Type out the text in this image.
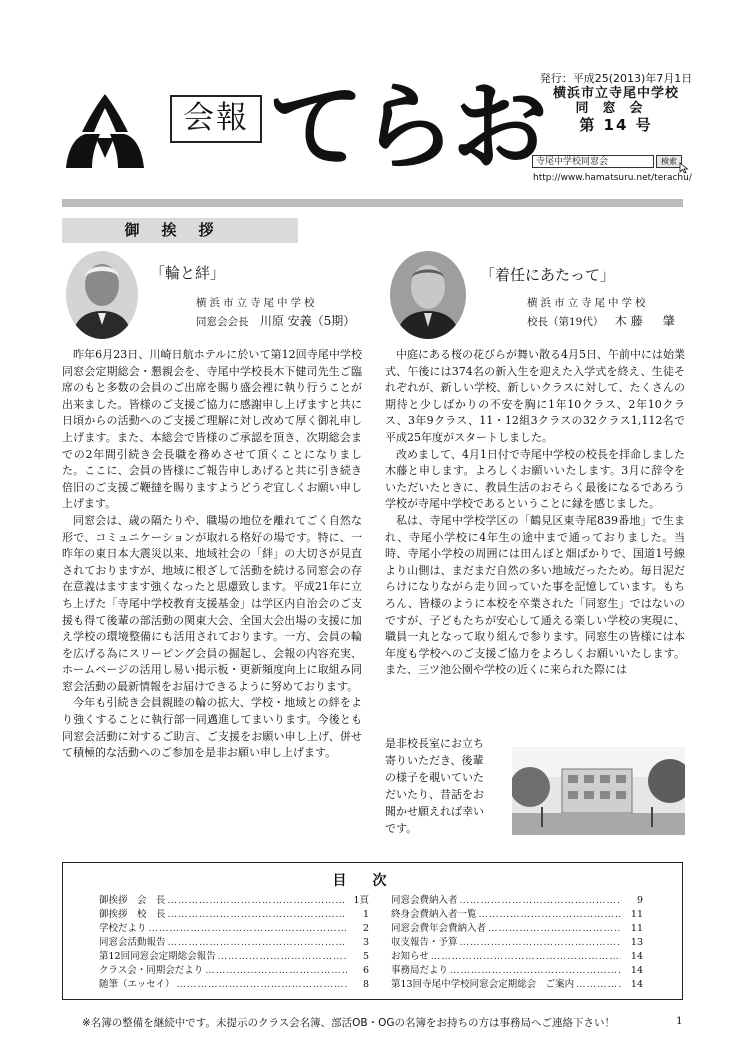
会報 てらお
発行：平成25(2013)年7月1日
横浜市立寺尾中学校
同窓会
第 14 号
寺尾中学校同窓会	検索
http://www.hamatsuru.net/terachu/
御挨拶
「輪と絆」
横浜市立寺尾中学校
同窓会会長 川原 安義（5期）

昨年6月23日、川崎日航ホテルに於いて第12回寺尾中学校同窓会定期総会・懇親会を、寺尾中学校長木下健司先生ご臨席のもと多数の会員のご出席を賜り盛会裡に執り行うことが出来ました。皆様のご支援ご協力に感謝申し上げますと共に日頃からの活動へのご支援ご理解に対し改めて厚く御礼申し上げます。また、本総会で皆様のご承認を頂き、次期総会までの2年間引続き会長職を務めさせて頂くことになりました。ここに、会員の皆様にご報告申しあげると共に引き続き倍旧のご支援ご鞭撻を賜りますようどうぞ宜しくお願い申し上げます。

同窓会は、歳の隔たりや、職場の地位を離れてごく自然な形で、コミュニケーションが取れる格好の場です。特に、一昨年の東日本大震災以来、地域社会の「絆」の大切さが見直されておりますが、地域に根ざして活動を続ける同窓会の存在意義はますます強くなったと思慮致します。平成21年に立ち上げた「寺尾中学校教育支援基金」は学区内自治会のご支援も得て後輩の部活動の関東大会、全国大会出場の支援に加え学校の環境整備にも活用されております。一方、会員の輪を広げる為にスリーピング会員の掘起し、会報の内容充実、ホームページの活用し易い掲示板・更新頻度向上に取組み同窓会活動の最新情報をお届けできるように努めております。

今年も引続き会員親睦の輪の拡大、学校・地域との絆をより強くすることに執行部一同邁進してまいります。今後とも同窓会活動に対するご助言、ご支援をお願い申し上げ、併せて積極的な活動へのご参加を是非お願い申し上げます。

「着任にあたって」
横浜市立寺尾中学校
校長（第19代） 木藤　肇

中庭にある桜の花びらが舞い散る4月5日、午前中には始業式、午後には374名の新入生を迎えた入学式を終え、生徒それぞれが、新しい学校、新しいクラスに対して、たくさんの期待と少しばかりの不安を胸に1年10クラス、2年10クラス、3年9クラス、11・12組3クラスの32クラス1,112名で平成25年度がスタートしました。

改めまして、4月1日付で寺尾中学校の校長を拝命しました木藤と申します。よろしくお願いいたします。3月に辞令をいただいたときに、教員生活のおそらく最後になるであろう学校が寺尾中学校であるということに縁を感じました。

私は、寺尾中学校学区の「鶴見区東寺尾839番地」で生まれ、寺尾小学校に4年生の途中まで通っておりました。当時、寺尾小学校の周囲には田んぼと畑ばかりで、国道1号線より山側は、まだまだ自然の多い地域だったため。毎日泥だらけになりながら走り回っていた事を記憶しています。もちろん、皆様のように本校を卒業された「同窓生」ではないのですが、子どもたちが安心して通える楽しい学校の実現に、職員一丸となって取り組んで参ります。同窓生の皆様には本年度も学校へのご支援ご協力をよろしくお願いいたします。また、三ツ池公園や学校の近くに来られた際には

是非校長室にお立ち
寄りいただき、後輩
の様子を覗いていた
だいたり、昔話をお
聞かせ願えれば幸い
です。
目次
御挨拶　会　長 ………………………………………………………………………………………………………………	1頁
御挨拶　校　長 ………………………………………………………………………………………………………………	1
学校だより ………………………………………………………………………………………………………………	2
同窓会活動報告 ………………………………………………………………………………………………………………	3
第12回同窓会定期総会報告 ………………………………………………………………………………………………………………	5
クラス会・同期会だより ………………………………………………………………………………………………………………	6
随筆（エッセイ） ………………………………………………………………………………………………………………	8
同窓会費納入者 ………………………………………………………………………………………………………………	9
終身会費納入者一覧 ………………………………………………………………………………………………………………	11
同窓会費年会費納入者 ………………………………………………………………………………………………………………	11
収支報告・予算 ………………………………………………………………………………………………………………	13
お知らせ ………………………………………………………………………………………………………………	14
事務局だより ………………………………………………………………………………………………………………	14
第13回寺尾中学校同窓会定期総会　ご案内 ………………………………………………………………………………………………………………	14
※名簿の整備を継続中です。未提示のクラス会名簿、部活OB・OGの名簿をお持ちの方は事務局へご連絡下さい！	1
